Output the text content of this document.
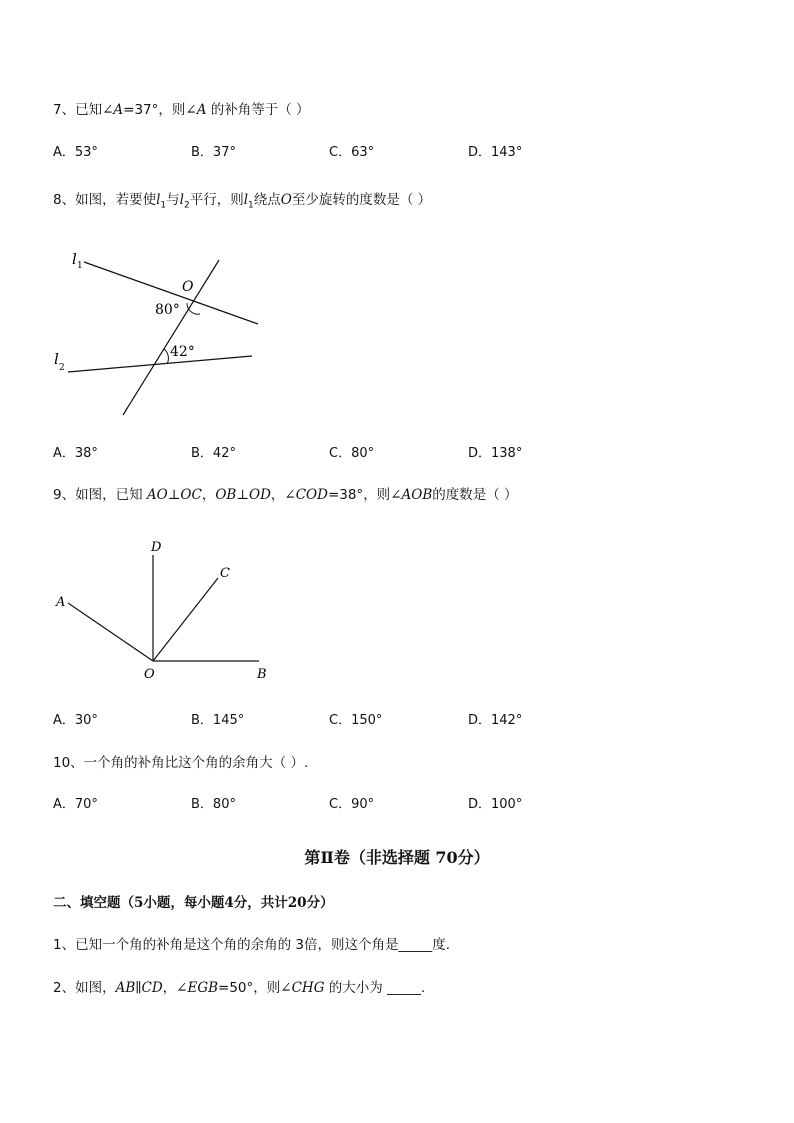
7、已知∠A=37°，则∠A 的补角等于（ ）
A．53°	B．37°	C．63°	D．143°
8、如图，若要使$l_1$与$l_2$平行，则$l_1$绕点O至少旋转的度数是（ ）
l 1
l 2
O
80°
42°
A．38°	B．42°	C．80°	D．138°
9、如图，已知 AO⊥OC，OB⊥OD，∠COD=38°，则∠AOB的度数是（ ）
D
C
A
O	B
A．30°	B．145°	C．150°	D．142°
10、一个角的补角比这个角的余角大（ ）.
A．70°	B．80°	C．90°	D．100°
第Ⅱ卷（非选择题 70分）
二、填空题（5小题，每小题4分，共计20分）
1、已知一个角的补角是这个角的余角的 3倍，则这个角是_____度.
2、如图，AB∥CD，∠EGB=50°，则∠CHG 的大小为 _____.
